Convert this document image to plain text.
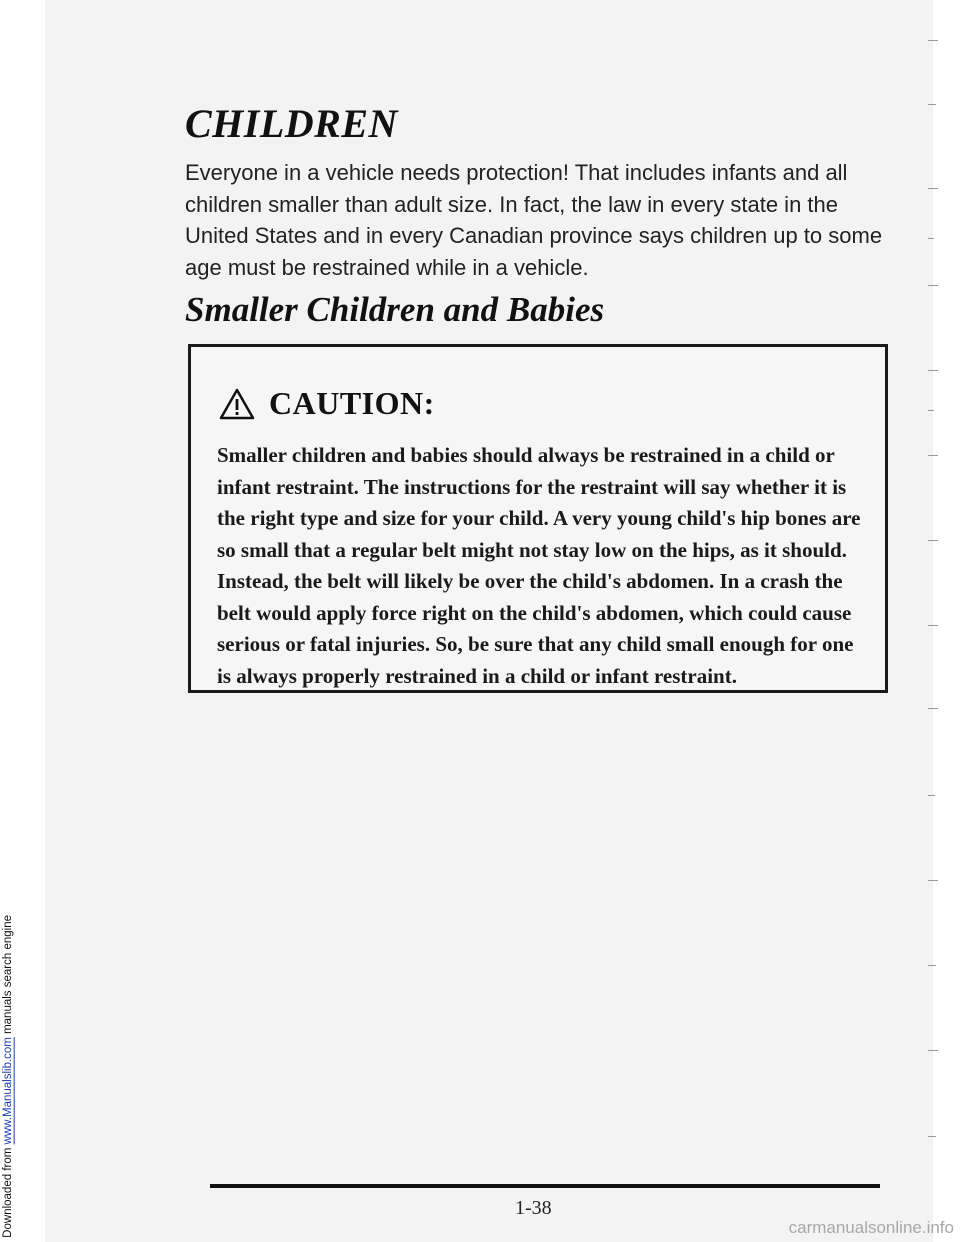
CHILDREN

Everyone in a vehicle needs protection! That includes infants and all children smaller than adult size. In fact, the law in every state in the United States and in every Canadian province says children up to some age must be restrained while in a vehicle.

Smaller Children and Babies
CAUTION:

Smaller children and babies should always be restrained in a child or infant restraint. The instructions for the restraint will say whether it is the right type and size for your child. A very young child's hip bones are so small that a regular belt might not stay low on the hips, as it should. Instead, the belt will likely be over the child's abdomen. In a crash the belt would apply force right on the child's abdomen, which could cause serious or fatal injuries. So, be sure that any child small enough for one is always properly restrained in a child or infant restraint.

1-38
Downloaded from www.Manualslib.com manuals search engine
carmanualsonline.info
